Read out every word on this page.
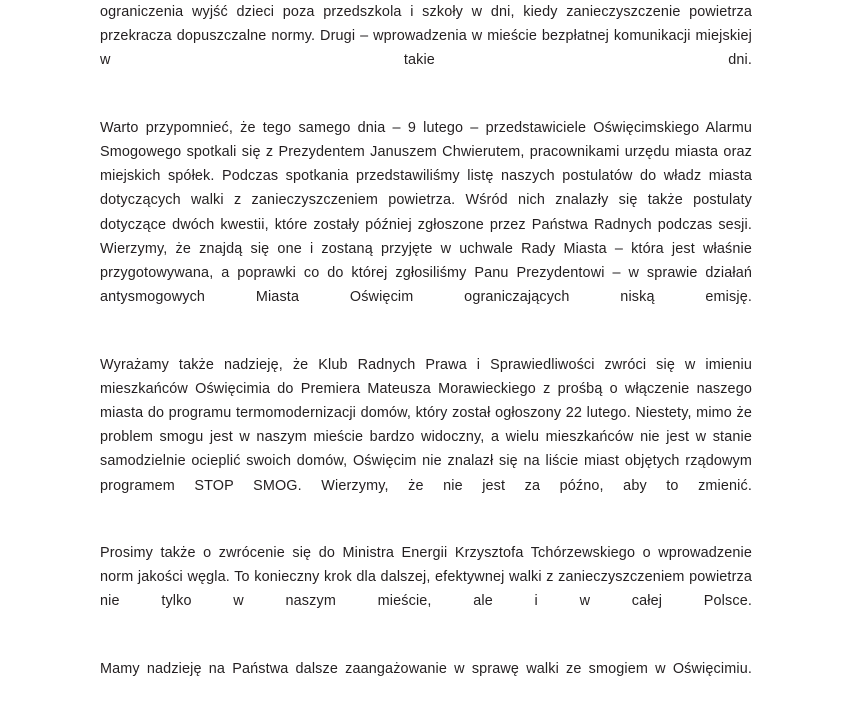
ograniczenia wyjść dzieci poza przedszkola i szkoły w dni, kiedy zanieczyszczenie powietrza przekracza dopuszczalne normy. Drugi – wprowadzenia w mieście bezpłatnej komunikacji miejskiej w takie dni.

Warto przypomnieć, że tego samego dnia – 9 lutego – przedstawiciele Oświęcimskiego Alarmu Smogowego spotkali się z Prezydentem Januszem Chwierutem, pracownikami urzędu miasta oraz miejskich spółek. Podczas spotkania przedstawiliśmy listę naszych postulatów do władz miasta dotyczących walki z zanieczyszczeniem powietrza. Wśród nich znalazły się także postulaty dotyczące dwóch kwestii, które zostały później zgłoszone przez Państwa Radnych podczas sesji. Wierzymy, że znajdą się one i zostaną przyjęte w uchwale Rady Miasta – która jest właśnie przygotowywana, a poprawki co do której zgłosiliśmy Panu Prezydentowi – w sprawie działań antysmogowych Miasta Oświęcim ograniczających niską emisję.

Wyrażamy także nadzieję, że Klub Radnych Prawa i Sprawiedliwości zwróci się w imieniu mieszkańców Oświęcimia do Premiera Mateusza Morawieckiego z prośbą o włączenie naszego miasta do programu termomodernizacji domów, który został ogłoszony 22 lutego. Niestety, mimo że problem smogu jest w naszym mieście bardzo widoczny, a wielu mieszkańców nie jest w stanie samodzielnie ocieplić swoich domów, Oświęcim nie znalazł się na liście miast objętych rządowym programem STOP SMOG. Wierzymy, że nie jest za późno, aby to zmienić.

Prosimy także o zwrócenie się do Ministra Energii Krzysztofa Tchórzewskiego o wprowadzenie norm jakości węgla. To konieczny krok dla dalszej, efektywnej walki z zanieczyszczeniem powietrza nie tylko w naszym mieście, ale i w całej Polsce.

Mamy nadzieję na Państwa dalsze zaangażowanie w sprawę walki ze smogiem w Oświęcimiu.
